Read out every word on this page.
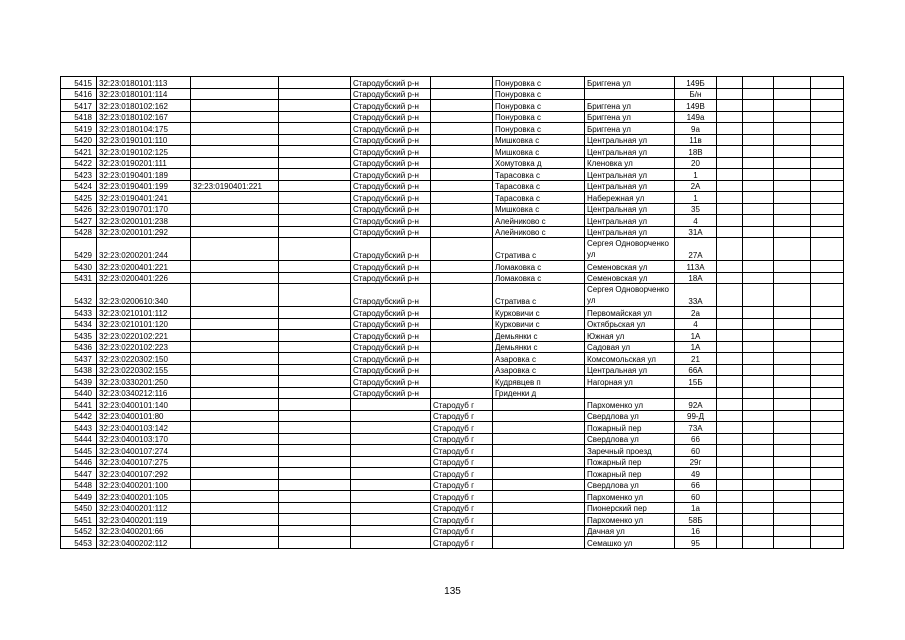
5415	32:23:0180101:113			Стародубский р-н		Понуровка с	Бриггена ул	149Б				
5416	32:23:0180101:114			Стародубский р-н		Понуровка с		Б/н				
5417	32:23:0180102:162			Стародубский р-н		Понуровка с	Бриггена ул	149В				
5418	32:23:0180102:167			Стародубский р-н		Понуровка с	Бриггена ул	149а				
5419	32:23:0180104:175			Стародубский р-н		Понуровка с	Бриггена ул	9а				
5420	32:23:0190101:110			Стародубский р-н		Мишковка с	Центральная ул	11в				
5421	32:23:0190102:125			Стародубский р-н		Мишковка с	Центральная ул	18В				
5422	32:23:0190201:111			Стародубский р-н		Хомутовка д	Кленовка ул	20				
5423	32:23:0190401:189			Стародубский р-н		Тарасовка с	Центральная ул	1				
5424	32:23:0190401:199	32:23:0190401:221		Стародубский р-н		Тарасовка с	Центральная ул	2А				
5425	32:23:0190401:241			Стародубский р-н		Тарасовка с	Набережная ул	1				
5426	32:23:0190701:170			Стародубский р-н		Мишковка с	Центральная ул	35				
5427	32:23:0200101:238			Стародубский р-н		Алейниково с	Центральная ул	4				
5428	32:23:0200101:292			Стародубский р-н		Алейниково с	Центральная ул	31А				
5429	32:23:0200201:244			Стародубский р-н		Стратива с	Сергея Одноворченко ул	27А				
5430	32:23:0200401:221			Стародубский р-н		Ломаковка с	Семеновская ул	113А				
5431	32:23:0200401:226			Стародубский р-н		Ломаковка с	Семеновская ул	18А				
5432	32:23:0200610:340			Стародубский р-н		Стратива с	Сергея Одноворченко ул	33А				
5433	32:23:0210101:112			Стародубский р-н		Курковичи с	Первомайская ул	2а				
5434	32:23:0210101:120			Стародубский р-н		Курковичи с	Октябрьская ул	4				
5435	32:23:0220102:221			Стародубский р-н		Демьянки с	Южная ул	1А				
5436	32:23:0220102:223			Стародубский р-н		Демьянки с	Садовая ул	1А				
5437	32:23:0220302:150			Стародубский р-н		Азаровка с	Комсомольская ул	21				
5438	32:23:0220302:155			Стародубский р-н		Азаровка с	Центральная ул	66А				
5439	32:23:0330201:250			Стародубский р-н		Кудрявцев п	Нагорная ул	15Б				
5440	32:23:0340212:116			Стародубский р-н		Гриденки д						
5441	32:23:0400101:140				Стародуб г		Пархоменко ул	92А				
5442	32:23:0400101:80				Стародуб г		Свердлова ул	99-Д				
5443	32:23:0400103:142				Стародуб г		Пожарный пер	73А				
5444	32:23:0400103:170				Стародуб г		Свердлова ул	66				
5445	32:23:0400107:274				Стародуб г		Заречный проезд	60				
5446	32:23:0400107:275				Стародуб г		Пожарный пер	29г				
5447	32:23:0400107:292				Стародуб г		Пожарный пер	49				
5448	32:23:0400201:100				Стародуб г		Свердлова ул	66				
5449	32:23:0400201:105				Стародуб г		Пархоменко ул	60				
5450	32:23:0400201:112				Стародуб г		Пионерский пер	1а				
5451	32:23:0400201:119				Стародуб г		Пархоменко ул	58Б				
5452	32:23:0400201:66				Стародуб г		Дачная ул	16				
5453	32:23:0400202:112				Стародуб г		Семашко ул	95				
135
